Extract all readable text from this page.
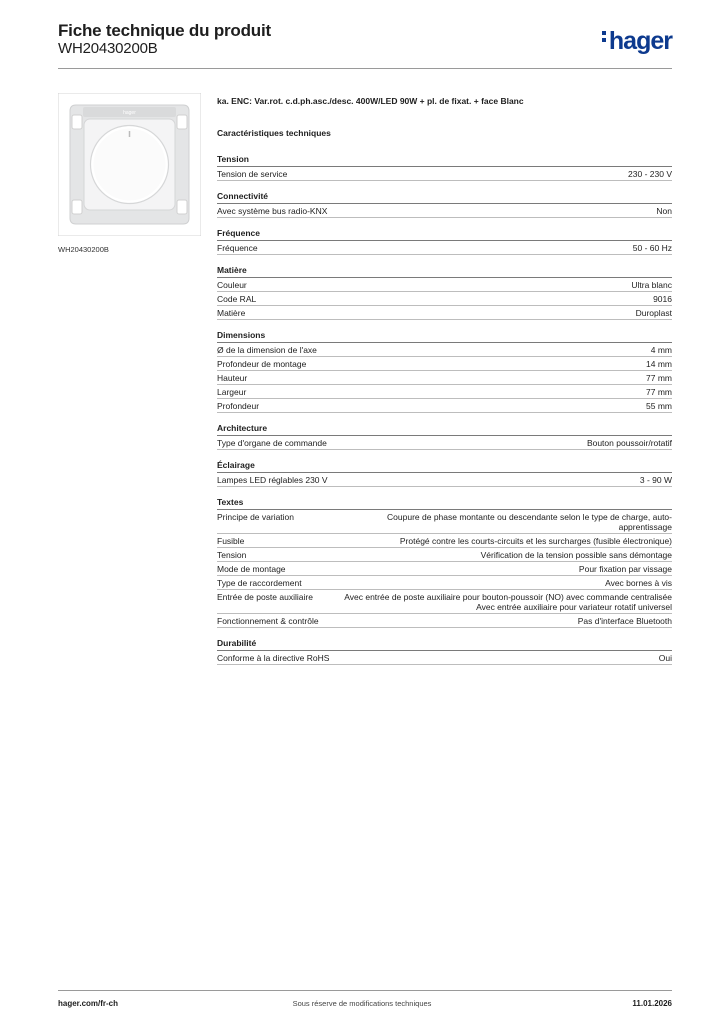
Fiche technique du produit
WH20430200B	hager
hager
WH20430200B
ka. ENC: Var.rot. c.d.ph.asc./desc. 400W/LED 90W + pl. de fixat. + face Blanc
Caractéristiques techniques
Tension
Tension de service	230 - 230 V
Connectivité
Avec système bus radio-KNX	Non
Fréquence
Fréquence	50 - 60 Hz
Matière
Couleur	Ultra blanc
Code RAL	9016
Matière	Duroplast
Dimensions
Ø de la dimension de l'axe	4 mm
Profondeur de montage	14 mm
Hauteur	77 mm
Largeur	77 mm
Profondeur	55 mm
Architecture
Type d'organe de commande	Bouton poussoir/rotatif
Éclairage
Lampes LED réglables 230 V	3 - 90 W
Textes
Principe de variation	Coupure de phase montante ou descendante selon le type de charge, auto-apprentissage
Fusible	Protégé contre les courts-circuits et les surcharges (fusible électronique)
Tension	Vérification de la tension possible sans démontage
Mode de montage	Pour fixation par vissage
Type de raccordement	Avec bornes à vis
Entrée de poste auxiliaire	Avec entrée de poste auxiliaire pour bouton-poussoir (NO) avec commande centralisée Avec entrée auxiliaire pour variateur rotatif universel
Fonctionnement & contrôle	Pas d'interface Bluetooth
Durabilité
Conforme à la directive RoHS	Oui
hager.com/fr-ch	Sous réserve de modifications techniques	11.01.2026
